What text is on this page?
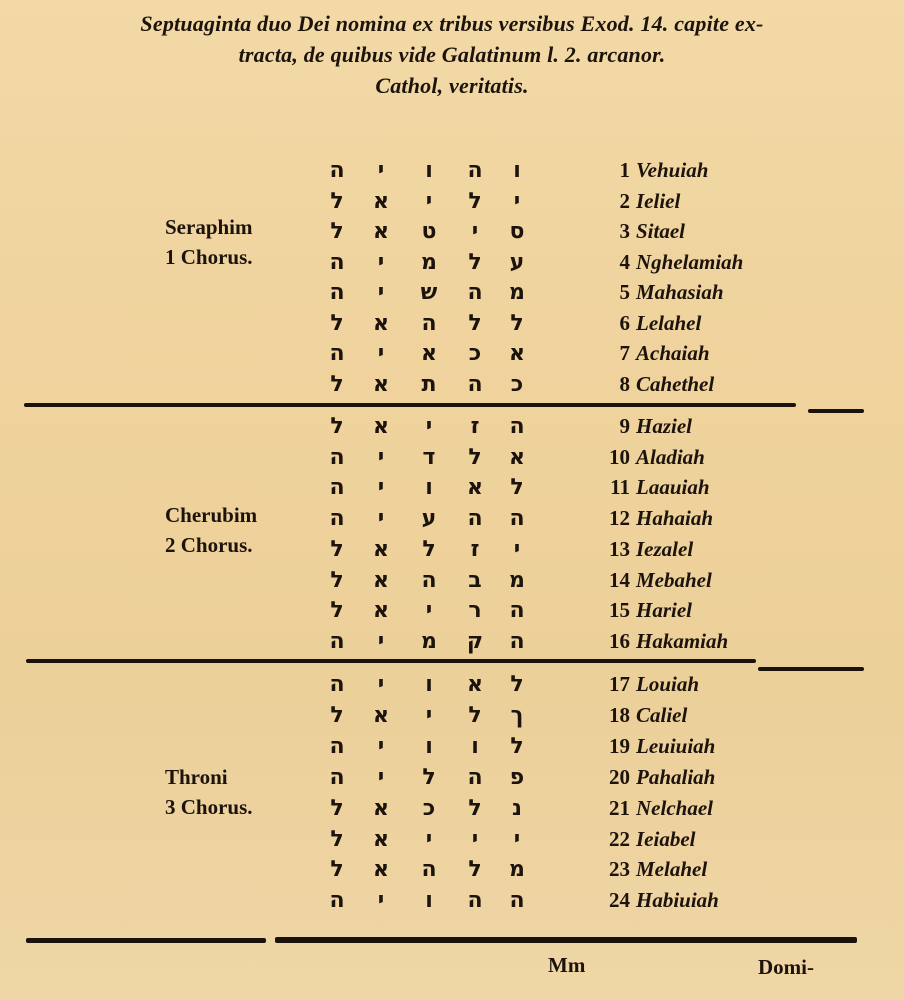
Septuaginta duo Dei nomina ex tribus versibus Exod. 14. capite ex-
tracta, de quibus vide Galatinum l. 2. arcanor.
Cathol, veritatis.
Seraphim
1 Chorus.
Cherubim
2 Chorus.
Throni
3 Chorus.
ה	י	ו	ה	ו	1 Vehuiah
ל	א	י	ל	י	2 Ieliel
ל	א	ט	י	ס	3 Sitael
ה	י	מ	ל	ע	4 Nghelamiah
ה	י	ש	ה	מ	5 Mahasiah
ל	א	ה	ל	ל	6 Lelahel
ה	י	א	כ	א	7 Achaiah
ל	א	ת	ה	כ	8 Cahethel
ל	א	י	ז	ה	9 Haziel
ה	י	ד	ל	א	10 Aladiah
ה	י	ו	א	ל	11 Laauiah
ה	י	ע	ה	ה	12 Hahaiah
ל	א	ל	ז	י	13 Iezalel
ל	א	ה	ב	מ	14 Mebahel
ל	א	י	ר	ה	15 Hariel
ה	י	מ	ק	ה	16 Hakamiah
ה	י	ו	א	ל	17 Louiah
ל	א	י	ל	ך	18 Caliel
ה	י	ו	ו	ל	19 Leuiuiah
ה	י	ל	ה	פ	20 Pahaliah
ל	א	כ	ל	נ	21 Nelchael
ל	א	י	י	י	22 Ieiabel
ל	א	ה	ל	מ	23 Melahel
ה	י	ו	ה	ה	24 Habiuiah
Mm	Domi-
